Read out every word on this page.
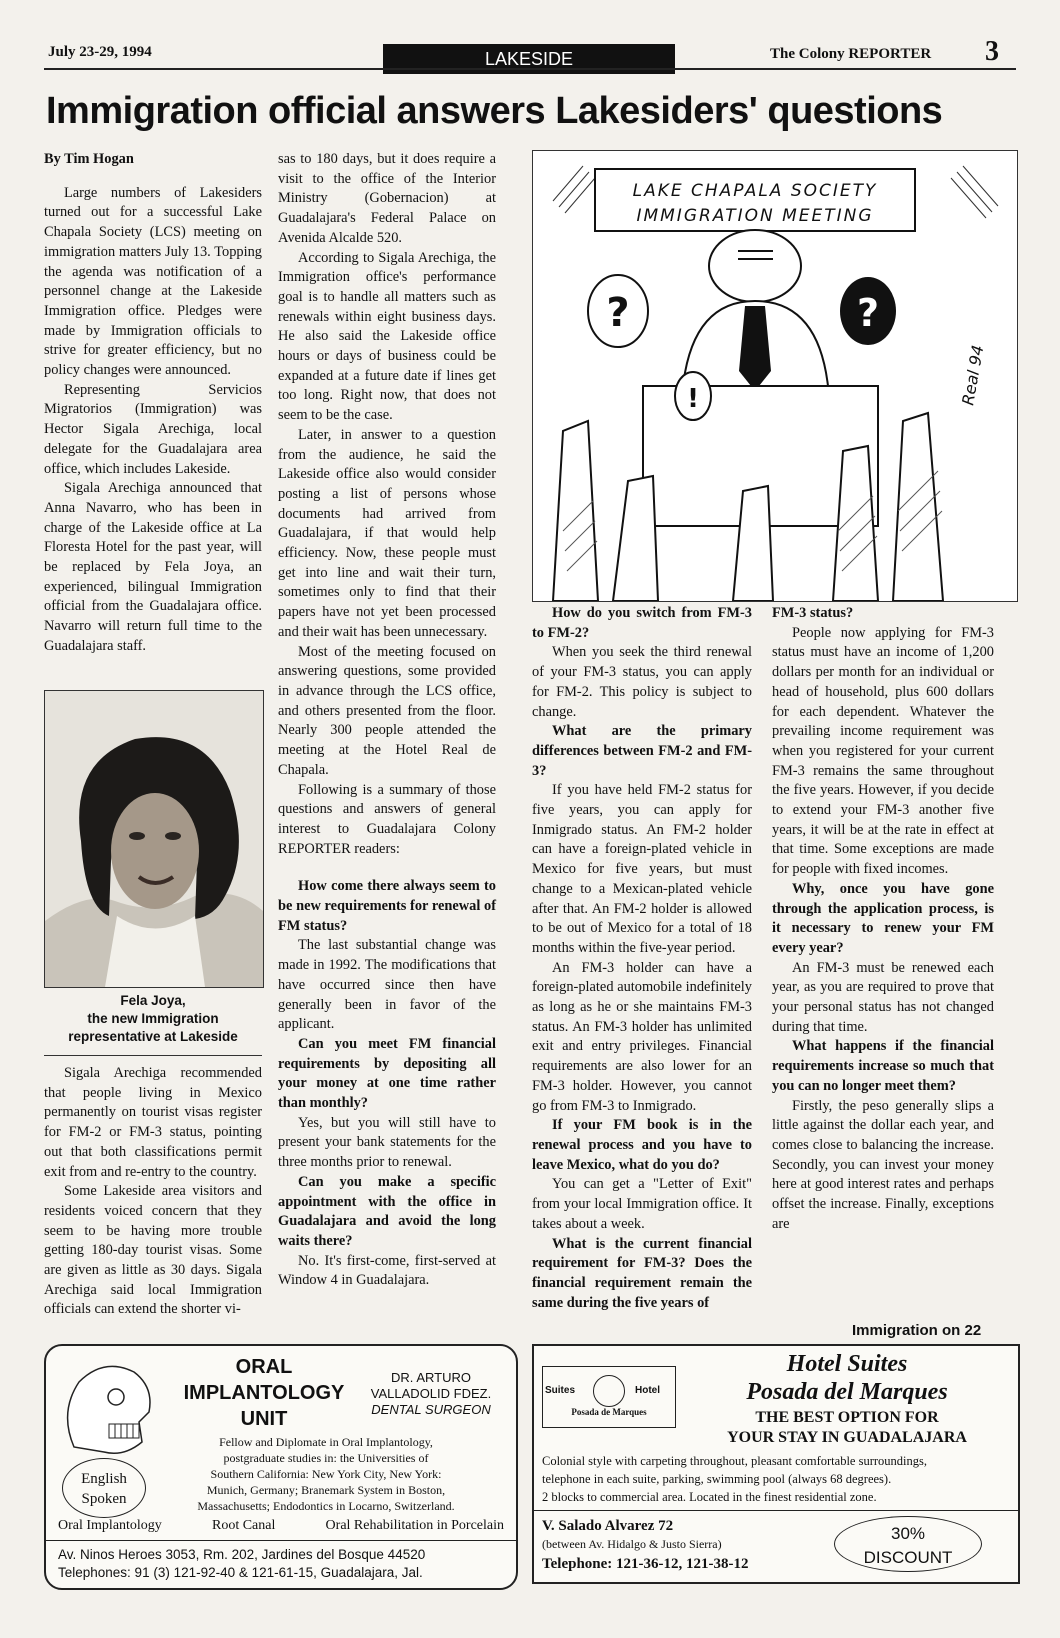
July 23-29, 1994	LAKESIDE	The Colony REPORTER 3
Immigration official answers Lakesiders' questions

By Tim Hogan

Large numbers of Lakesiders turned out for a successful Lake Chapala Society (LCS) meeting on immigration matters July 13. Topping the agenda was notification of a personnel change at the Lakeside Immigration office. Pledges were made by Immigration officials to strive for greater efficiency, but no policy changes were announced.

Representing Servicios Migratorios (Immigration) was Hector Sigala Arechiga, local delegate for the Guadalajara area office, which includes Lakeside.

Sigala Arechiga announced that Anna Navarro, who has been in charge of the Lakeside office at La Floresta Hotel for the past year, will be replaced by Fela Joya, an experienced, bilingual Immigration official from the Guadalajara office. Navarro will return full time to the Guadalajara staff.

Fela Joya,
the new Immigration
representative at Lakeside

Sigala Arechiga recommended that people living in Mexico permanently on tourist visas register for FM-2 or FM-3 status, pointing out that both classifications permit exit from and re-entry to the country.

Some Lakeside area visitors and residents voiced concern that they seem to be having more trouble getting 180-day tourist visas. Some are given as little as 30 days. Sigala Arechiga said local Immigration officials can extend the shorter vi-

sas to 180 days, but it does require a visit to the office of the Interior Ministry (Gobernacion) at Guadalajara's Federal Palace on Avenida Alcalde 520.

According to Sigala Arechiga, the Immigration office's performance goal is to handle all matters such as renewals within eight business days. He also said the Lakeside office hours or days of business could be expanded at a future date if lines get too long. Right now, that does not seem to be the case.

Later, in answer to a question from the audience, he said the Lakeside office also would consider posting a list of persons whose documents had arrived from Guadalajara, if that would help efficiency. Now, these people must get into line and wait their turn, sometimes only to find that their papers have not yet been processed and their wait has been unnecessary.

Most of the meeting focused on answering questions, some provided in advance through the LCS office, and others presented from the floor. Nearly 300 people attended the meeting at the Hotel Real de Chapala.

Following is a summary of those questions and answers of general interest to Guadalajara Colony REPORTER readers:

How come there always seem to be new requirements for renewal of FM status?

The last substantial change was made in 1992. The modifications that have occurred since then have generally been in favor of the applicant.

Can you meet FM financial requirements by depositing all your money at one time rather than monthly?

Yes, but you will still have to present your bank statements for the three months prior to renewal.

Can you make a specific appointment with the office in Guadalajara and avoid the long waits there?

No. It's first-come, first-served at Window 4 in Guadalajara.

LAKE CHAPALA SOCIETY
IMMIGRATION MEETING
?	?
!	Real 94

How do you switch from FM-3 to FM-2?

When you seek the third renewal of your FM-3 status, you can apply for FM-2. This policy is subject to change.

What are the primary differences between FM-2 and FM-3?

If you have held FM-2 status for five years, you can apply for Inmigrado status. An FM-2 holder can have a foreign-plated vehicle in Mexico for five years, but must change to a Mexican-plated vehicle after that. An FM-2 holder is allowed to be out of Mexico for a total of 18 months within the five-year period.

An FM-3 holder can have a foreign-plated automobile indefinitely as long as he or she maintains FM-3 status. An FM-3 holder has unlimited exit and entry privileges. Financial requirements are also lower for an FM-3 holder. However, you cannot go from FM-3 to Inmigrado.

If your FM book is in the renewal process and you have to leave Mexico, what do you do?

You can get a "Letter of Exit" from your local Immigration office. It takes about a week.

What is the current financial requirement for FM-3? Does the financial requirement remain the same during the five years of

FM-3 status?

People now applying for FM-3 status must have an income of 1,200 dollars per month for an individual or head of household, plus 600 dollars for each dependent. Whatever the prevailing income requirement was when you registered for your current FM-3 remains the same throughout the five years. However, if you decide to extend your FM-3 another five years, it will be at the rate in effect at that time. Some exceptions are made for people with fixed incomes.

Why, once you have gone through the application process, is it necessary to renew your FM every year?

An FM-3 must be renewed each year, as you are required to prove that your personal status has not changed during that time.

What happens if the financial requirements increase so much that you can no longer meet them?

Firstly, the peso generally slips a little against the dollar each year, and comes close to balancing the increase. Secondly, you can invest your money here at good interest rates and perhaps offset the increase. Finally, exceptions are

Immigration on 22
ORAL
IMPLANTOLOGY
UNIT
DR. ARTURO
VALLADOLID FDEZ.
DENTAL SURGEON
English
Spoken
Fellow and Diplomate in Oral Implantology,
postgraduate studies in: the Universities of
Southern California: New York City, New York:
Munich, Germany; Branemark System in Boston,
Massachusetts; Endodontics in Locarno, Switzerland.
Oral Implantology	Root Canal	Oral Rehabilitation in Porcelain
Av. Ninos Heroes 3053, Rm. 202, Jardines del Bosque 44520
Telephones: 91 (3) 121-92-40 & 121-61-15, Guadalajara, Jal.
Suites	Hotel
Posada de Marques
Hotel Suites
Posada del Marques
THE BEST OPTION FOR
YOUR STAY IN GUADALAJARA
Colonial style with carpeting throughout, pleasant comfortable surroundings,
telephone in each suite, parking, swimming pool (always 68 degrees).
2 blocks to commercial area. Located in the finest residential zone.
V. Salado Alvarez 72
(between Av. Hidalgo & Justo Sierra)
Telephone: 121-36-12, 121-38-12
30%
DISCOUNT
